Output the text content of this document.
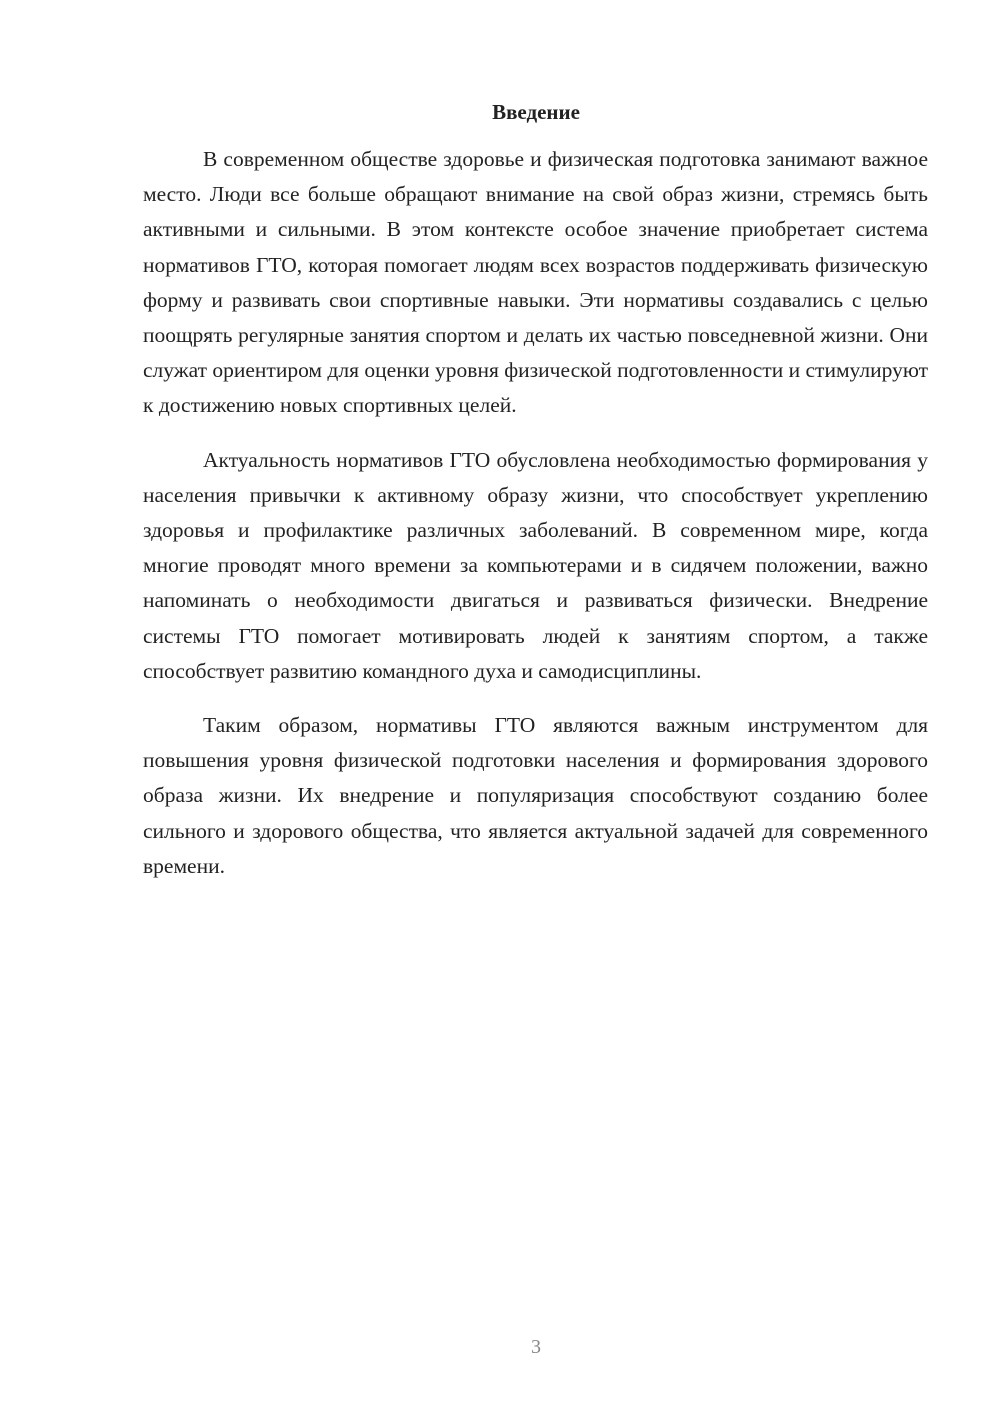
Введение

В современном обществе здоровье и физическая подготовка занимают важное место. Люди все больше обращают внимание на свой образ жизни, стремясь быть активными и сильными. В этом контексте особое значение приобретает система нормативов ГТО, которая помогает людям всех возрастов поддерживать физическую форму и развивать свои спортивные навыки. Эти нормативы создавались с целью поощрять регулярные занятия спортом и делать их частью повседневной жизни. Они служат ориентиром для оценки уровня физической подготовленности и стимулируют к достижению новых спортивных целей.

Актуальность нормативов ГТО обусловлена необходимостью формирования у населения привычки к активному образу жизни, что способствует укреплению здоровья и профилактике различных заболеваний. В современном мире, когда многие проводят много времени за компьютерами и в сидячем положении, важно напоминать о необходимости двигаться и развиваться физически. Внедрение системы ГТО помогает мотивировать людей к занятиям спортом, а также способствует развитию командного духа и самодисциплины.

Таким образом, нормативы ГТО являются важным инструментом для повышения уровня физической подготовки населения и формирования здорового образа жизни. Их внедрение и популяризация способствуют созданию более сильного и здорового общества, что является актуальной задачей для современного времени.

3
